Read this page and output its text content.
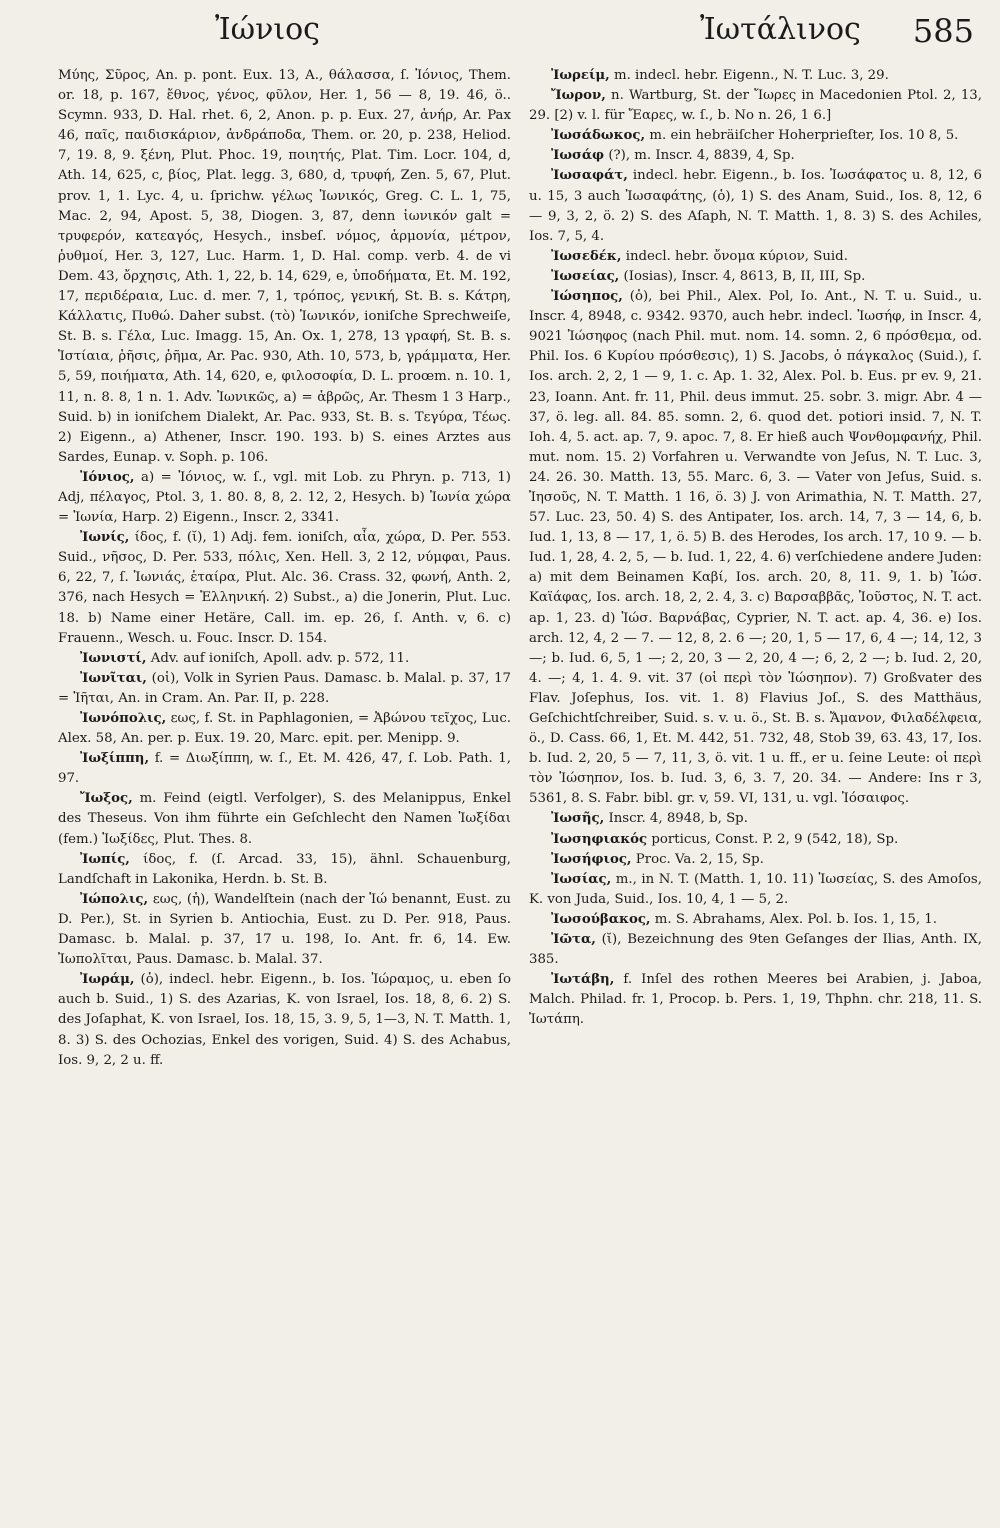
Ἰώνιος	Ἰωτάλινος 585

Μύης, Σῦρος, An. p. pont. Eux. 13, A., θάλασσα, ſ. Ἰόνιος, Them. or. 18, p. 167, ἔθνος, γένος, φῦλον, Her. 1, 56 — 8, 19. 46, ö.. Scymn. 933, D. Hal. rhet. 6, 2, Anon. p. p. Eux. 27, ἀνήρ, Ar. Pax 46, παῖς, παιδισκάριον, ἀνδράποδα, Them. or. 20, p. 238, Heliod. 7, 19. 8, 9. ξένη, Plut. Phoc. 19, ποιητής, Plat. Tim. Locr. 104, d, Ath. 14, 625, c, βίος, Plat. legg. 3, 680, d, τρυφή, Zen. 5, 67, Plut. prov. 1, 1. Lyc. 4, u. ſprichw. γέλως Ἰωνικός, Greg. C. L. 1, 75, Mac. 2, 94, Apost. 5, 38, Diogen. 3, 87, denn ἰωνικόν galt = τρυφερόν, κατεαγός, Hesych., insbeſ. νόμος, ἁρμονία, μέτρον, ῥυθμοί, Her. 3, 127, Luc. Harm. 1, D. Hal. comp. verb. 4. de vi Dem. 43, ὄρχησις, Ath. 1, 22, b. 14, 629, e, ὑποδήματα, Et. M. 192, 17, περιδέραια, Luc. d. mer. 7, 1, τρόπος, γενική, St. B. s. Κάτρη, Κάλλατις, Πυθώ. Daher subst. (τὸ) Ἰωνικόν, ioniſche Sprechweiſe, St. B. s. Γέλα, Luc. Imagg. 15, An. Ox. 1, 278, 13 γραφή, St. B. s. Ἱστίαια, ῥῆσις, ῥῆμα, Ar. Pac. 930, Ath. 10, 573, b, γράμματα, Her. 5, 59, ποιήματα, Ath. 14, 620, e, φιλοσοφία, D. L. proœm. n. 10. 1, 11, n. 8. 8, 1 n. 1. Adv. Ἰωνικῶς, a) = ἁβρῶς, Ar. Thesm 1 3 Harp., Suid. b) in ioniſchem Dialekt, Ar. Pac. 933, St. B. s. Τεγύρα, Τέως. 2) Eigenn., a) Athener, Inscr. 190. 193. b) S. eines Arztes aus Sardes, Eunap. v. Soph. p. 106.

Ἰόνιος, a) = Ἰόνιος, w. ſ., vgl. mit Lob. zu Phryn. p. 713, 1) Adj, πέλαγος, Ptol. 3, 1. 80. 8, 8, 2. 12, 2, Hesych. b) Ἰωνία χώρα = Ἰωνία, Harp. 2) Eigenn., Inscr. 2, 3341.

Ἰωνίς, ίδος, f. (ῐ), 1) Adj. fem. ioniſch, αἶα, χώρα, D. Per. 553. Suid., νῆσος, D. Per. 533, πόλις, Xen. Hell. 3, 2 12, νύμφαι, Paus. 6, 22, 7, ſ. Ἰωνιάς, ἑταίρα, Plut. Alc. 36. Crass. 32, φωνή, Anth. 2, 376, nach Hesych = Ἑλληνική. 2) Subst., a) die Jonerin, Plut. Luc. 18. b) Name einer Hetäre, Call. im. ep. 26, ſ. Anth. v, 6. c) Frauenn., Wesch. u. Fouc. Inscr. D. 154.

Ἰωνιστί, Adv. auf ioniſch, Apoll. adv. p. 572, 11.

Ἰωνῖται, (οἱ), Volk in Syrien Paus. Damasc. b. Malal. p. 37, 17 = Ἰῆται, An. in Cram. An. Par. II, p. 228.

Ἰωνόπολις, εως, f. St. in Paphlagonien, = Ἀβώνου τεῖχος, Luc. Alex. 58, An. per. p. Eux. 19. 20, Marc. epit. per. Menipp. 9.

Ἰωξίππη, f. = Διωξίππη, w. ſ., Et. M. 426, 47, ſ. Lob. Path. 1, 97.

Ἴωξος, m. Feind (eigtl. Verfolger), S. des Melanippus, Enkel des Theseus. Von ihm führte ein Geſchlecht den Namen Ἰωξίδαι (fem.) Ἰωξίδες, Plut. Thes. 8.

Ἰωπίς, ίδος, f. (ſ. Arcad. 33, 15), ähnl. Schauenburg, Landſchaft in Lakonika, Herdn. b. St. B.

Ἰώπολις, εως, (ἡ), Wandelſtein (nach der Ἰώ benannt, Eust. zu D. Per.), St. in Syrien b. Antiochia, Eust. zu D. Per. 918, Paus. Damasc. b. Malal. p. 37, 17 u. 198, Io. Ant. fr. 6, 14. Ew. Ἰωπολῖται, Paus. Damasc. b. Malal. 37.

Ἰωράμ, (ὁ), indecl. hebr. Eigenn., b. Ios. Ἰώραμος, u. eben ſo auch b. Suid., 1) S. des Azarias, K. von Israel, Ios. 18, 8, 6. 2) S. des Joſaphat, K. von Israel, Ios. 18, 15, 3. 9, 5, 1—3, N. T. Matth. 1, 8. 3) S. des Ochozias, Enkel des vorigen, Suid. 4) S. des Achabus, Ios. 9, 2, 2 u. ff.

Ἰωρείμ, m. indecl. hebr. Eigenn., N. T. Luc. 3, 29.

Ἴωρον, n. Wartburg, St. der Ἴωρες in Macedonien Ptol. 2, 13, 29. [2) v. l. für Ἔαρες, w. ſ., b. No n. 26, 1 6.]

Ἰωσάδωκος, m. ein hebräiſcher Hoherprieſter, Ios. 10 8, 5.

Ἰωσάφ (?), m. Inscr. 4, 8839, 4, Sp.

Ἰωσαφάτ, indecl. hebr. Eigenn., b. Ios. Ἰωσάφατος u. 8, 12, 6 u. 15, 3 auch Ἰωσαφάτης, (ὁ), 1) S. des Anam, Suid., Ios. 8, 12, 6 — 9, 3, 2, ö. 2) S. des Aſaph, N. T. Matth. 1, 8. 3) S. des Achiles, Ios. 7, 5, 4.

Ἰωσεδέκ, indecl. hebr. ὄνομα κύριον, Suid.

Ἰωσείας, (Iosias), Inscr. 4, 8613, B, II, III, Sp.

Ἰώσηπος, (ὁ), bei Phil., Alex. Pol, Io. Ant., N. T. u. Suid., u. Inscr. 4, 8948, c. 9342. 9370, auch hebr. indecl. Ἰωσήφ, in Inscr. 4, 9021 Ἰώσηφος (nach Phil. mut. nom. 14. somn. 2, 6 πρόσθεμα, od. Phil. Ios. 6 Κυρίου πρόσθεσις), 1) S. Jacobs, ὁ πάγκαλος (Suid.), ſ. Ios. arch. 2, 2, 1 — 9, 1. c. Ap. 1. 32, Alex. Pol. b. Eus. pr ev. 9, 21. 23, Ioann. Ant. fr. 11, Phil. deus immut. 25. sobr. 3. migr. Abr. 4 — 37, ö. leg. all. 84. 85. somn. 2, 6. quod det. potiori insid. 7, N. T. Ioh. 4, 5. act. ap. 7, 9. apoc. 7, 8. Er hieß auch Ψονθομφανήχ, Phil. mut. nom. 15. 2) Vorfahren u. Verwandte von Jeſus, N. T. Luc. 3, 24. 26. 30. Matth. 13, 55. Marc. 6, 3. — Vater von Jeſus, Suid. s. Ἰησοῦς, N. T. Matth. 1 16, ö. 3) J. von Arimathia, N. T. Matth. 27, 57. Luc. 23, 50. 4) S. des Antipater, Ios. arch. 14, 7, 3 — 14, 6, b. Iud. 1, 13, 8 — 17, 1, ö. 5) B. des Herodes, Ios arch. 17, 10 9. — b. Iud. 1, 28, 4. 2, 5, — b. Iud. 1, 22, 4. 6) verſchiedene andere Juden: a) mit dem Beinamen Καβί, Ios. arch. 20, 8, 11. 9, 1. b) Ἰώσ. Καϊάφας, Ios. arch. 18, 2, 2. 4, 3. c) Βαρσαββᾶς, Ἰοῦστος, N. T. act. ap. 1, 23. d) Ἰώσ. Βαρνάβας, Cyprier, N. T. act. ap. 4, 36. e) Ios. arch. 12, 4, 2 — 7. — 12, 8, 2. 6 —; 20, 1, 5 — 17, 6, 4 —; 14, 12, 3 —; b. Iud. 6, 5, 1 —; 2, 20, 3 — 2, 20, 4 —; 6, 2, 2 —; b. Iud. 2, 20, 4. —; 4, 1. 4. 9. vit. 37 (οἱ περὶ τὸν Ἰώσηπον). 7) Großvater des Flav. Joſephus, Ios. vit. 1. 8) Flavius Joſ., S. des Matthäus, Geſchichtſchreiber, Suid. s. v. u. ö., St. B. s. Ἄμανον, Φιλαδέλφεια, ö., D. Cass. 66, 1, Et. M. 442, 51. 732, 48, Stob 39, 63. 43, 17, Ios. b. Iud. 2, 20, 5 — 7, 11, 3, ö. vit. 1 u. ff., er u. ſeine Leute: οἱ περὶ τὸν Ἰώσηπον, Ios. b. Iud. 3, 6, 3. 7, 20. 34. — Andere: Ins r 3, 5361, 8. S. Fabr. bibl. gr. v, 59. VI, 131, u. vgl. Ἰόσαιφος.

Ἰωσῆς, Inscr. 4, 8948, b, Sp.

Ἰωσηφιακός porticus, Const. P. 2, 9 (542, 18), Sp.

Ἰωσήφιος, Proc. Va. 2, 15, Sp.

Ἰωσίας, m., in N. T. (Matth. 1, 10. 11) Ἰωσείας, S. des Amoſos, K. von Juda, Suid., Ios. 10, 4, 1 — 5, 2.

Ἰωσούβακος, m. S. Abrahams, Alex. Pol. b. Ios. 1, 15, 1.

Ἰῶτα, (ῐ), Bezeichnung des 9ten Geſanges der Ilias, Anth. IX, 385.

Ἰωτάβη, f. Inſel des rothen Meeres bei Arabien, j. Jaboa, Malch. Philad. fr. 1, Procop. b. Pers. 1, 19, Thphn. chr. 218, 11. S. Ἰωτάπη.
